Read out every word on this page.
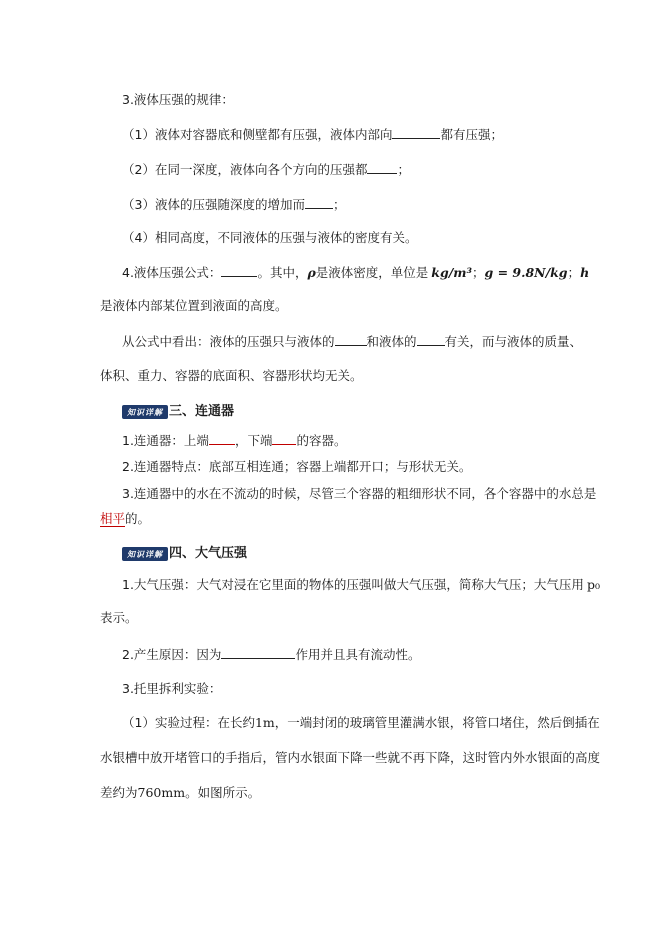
3.液体压强的规律：
（1）液体对容器底和侧壁都有压强，液体内部向	都有压强；
（2）在同一深度，液体向各个方向的压强都 ；
（3）液体的压强随深度的增加而 ；
（4）相同高度，不同液体的压强与液体的密度有关。
4.液体压强公式：	。其中，ρ是液体密度，单位是 kg/m³；g = 9.8N/kg；h
是液体内部某位置到液面的高度。
从公式中看出：液体的压强只与液体的	和液体的 有关，而与液体的质量、
体积、重力、容器的底面积、容器形状均无关。
知识详解 三、连通器
1.连通器：上端 ，下端 的容器。
2.连通器特点：底部互相连通；容器上端都开口；与形状无关。
3.连通器中的水在不流动的时候，尽管三个容器的粗细形状不同，各个容器中的水总是
相平的。
知识详解 四、大气压强
1.大气压强：大气对浸在它里面的物体的压强叫做大气压强，简称大气压；大气压用 p₀
表示。
2.产生原因：因为	作用并且具有流动性。
3.托里拆利实验：
（1）实验过程：在长约1m，一端封闭的玻璃管里灌满水银，将管口堵住，然后倒插在
水银槽中放开堵管口的手指后，管内水银面下降一些就不再下降，这时管内外水银面的高度
差约为760mm。如图所示。
